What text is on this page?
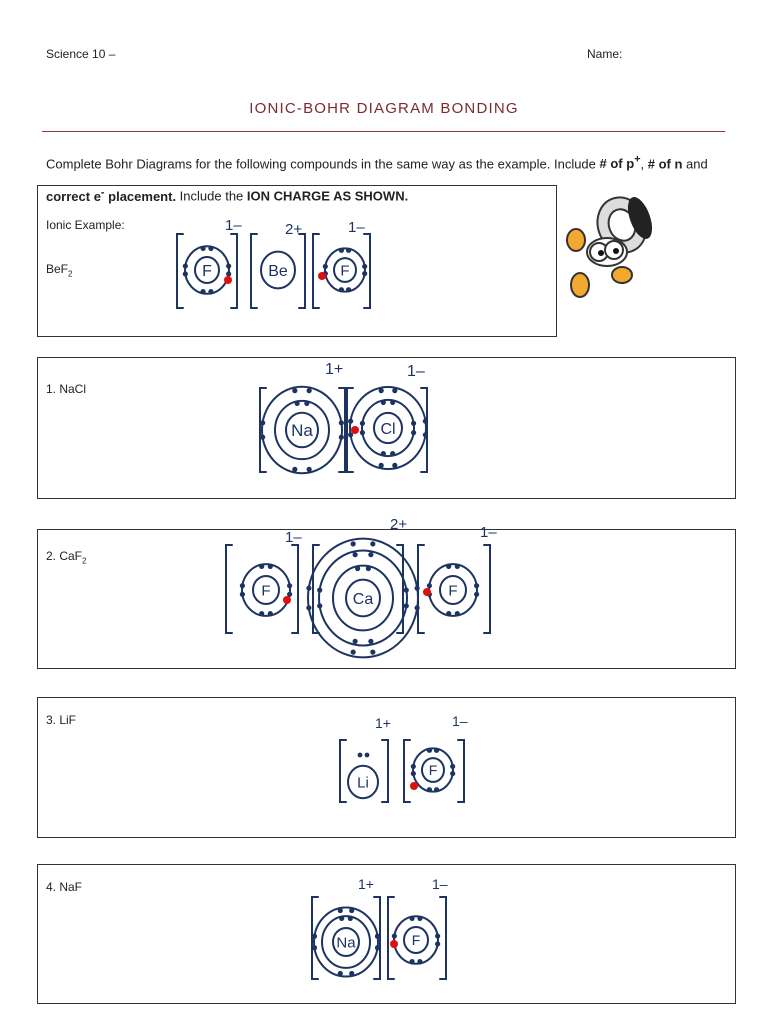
Science 10 –	Name:
IONIC-BOHR DIAGRAM BONDING
Complete Bohr Diagrams for the following compounds in the same way as the example. Include # of p+, # of n and correct e- placement. Include the ION CHARGE AS SHOWN.
Ionic Example:
BeF$_2$	F
1–
Be
2+
F
1–
1. NaCl
Na
1+
Cl
1–
2. CaF$_2$
F
1–
Ca
2+
F
1–
3. LiF
Li
1+
F
1–
4. NaF
Na
1+
F
1–
